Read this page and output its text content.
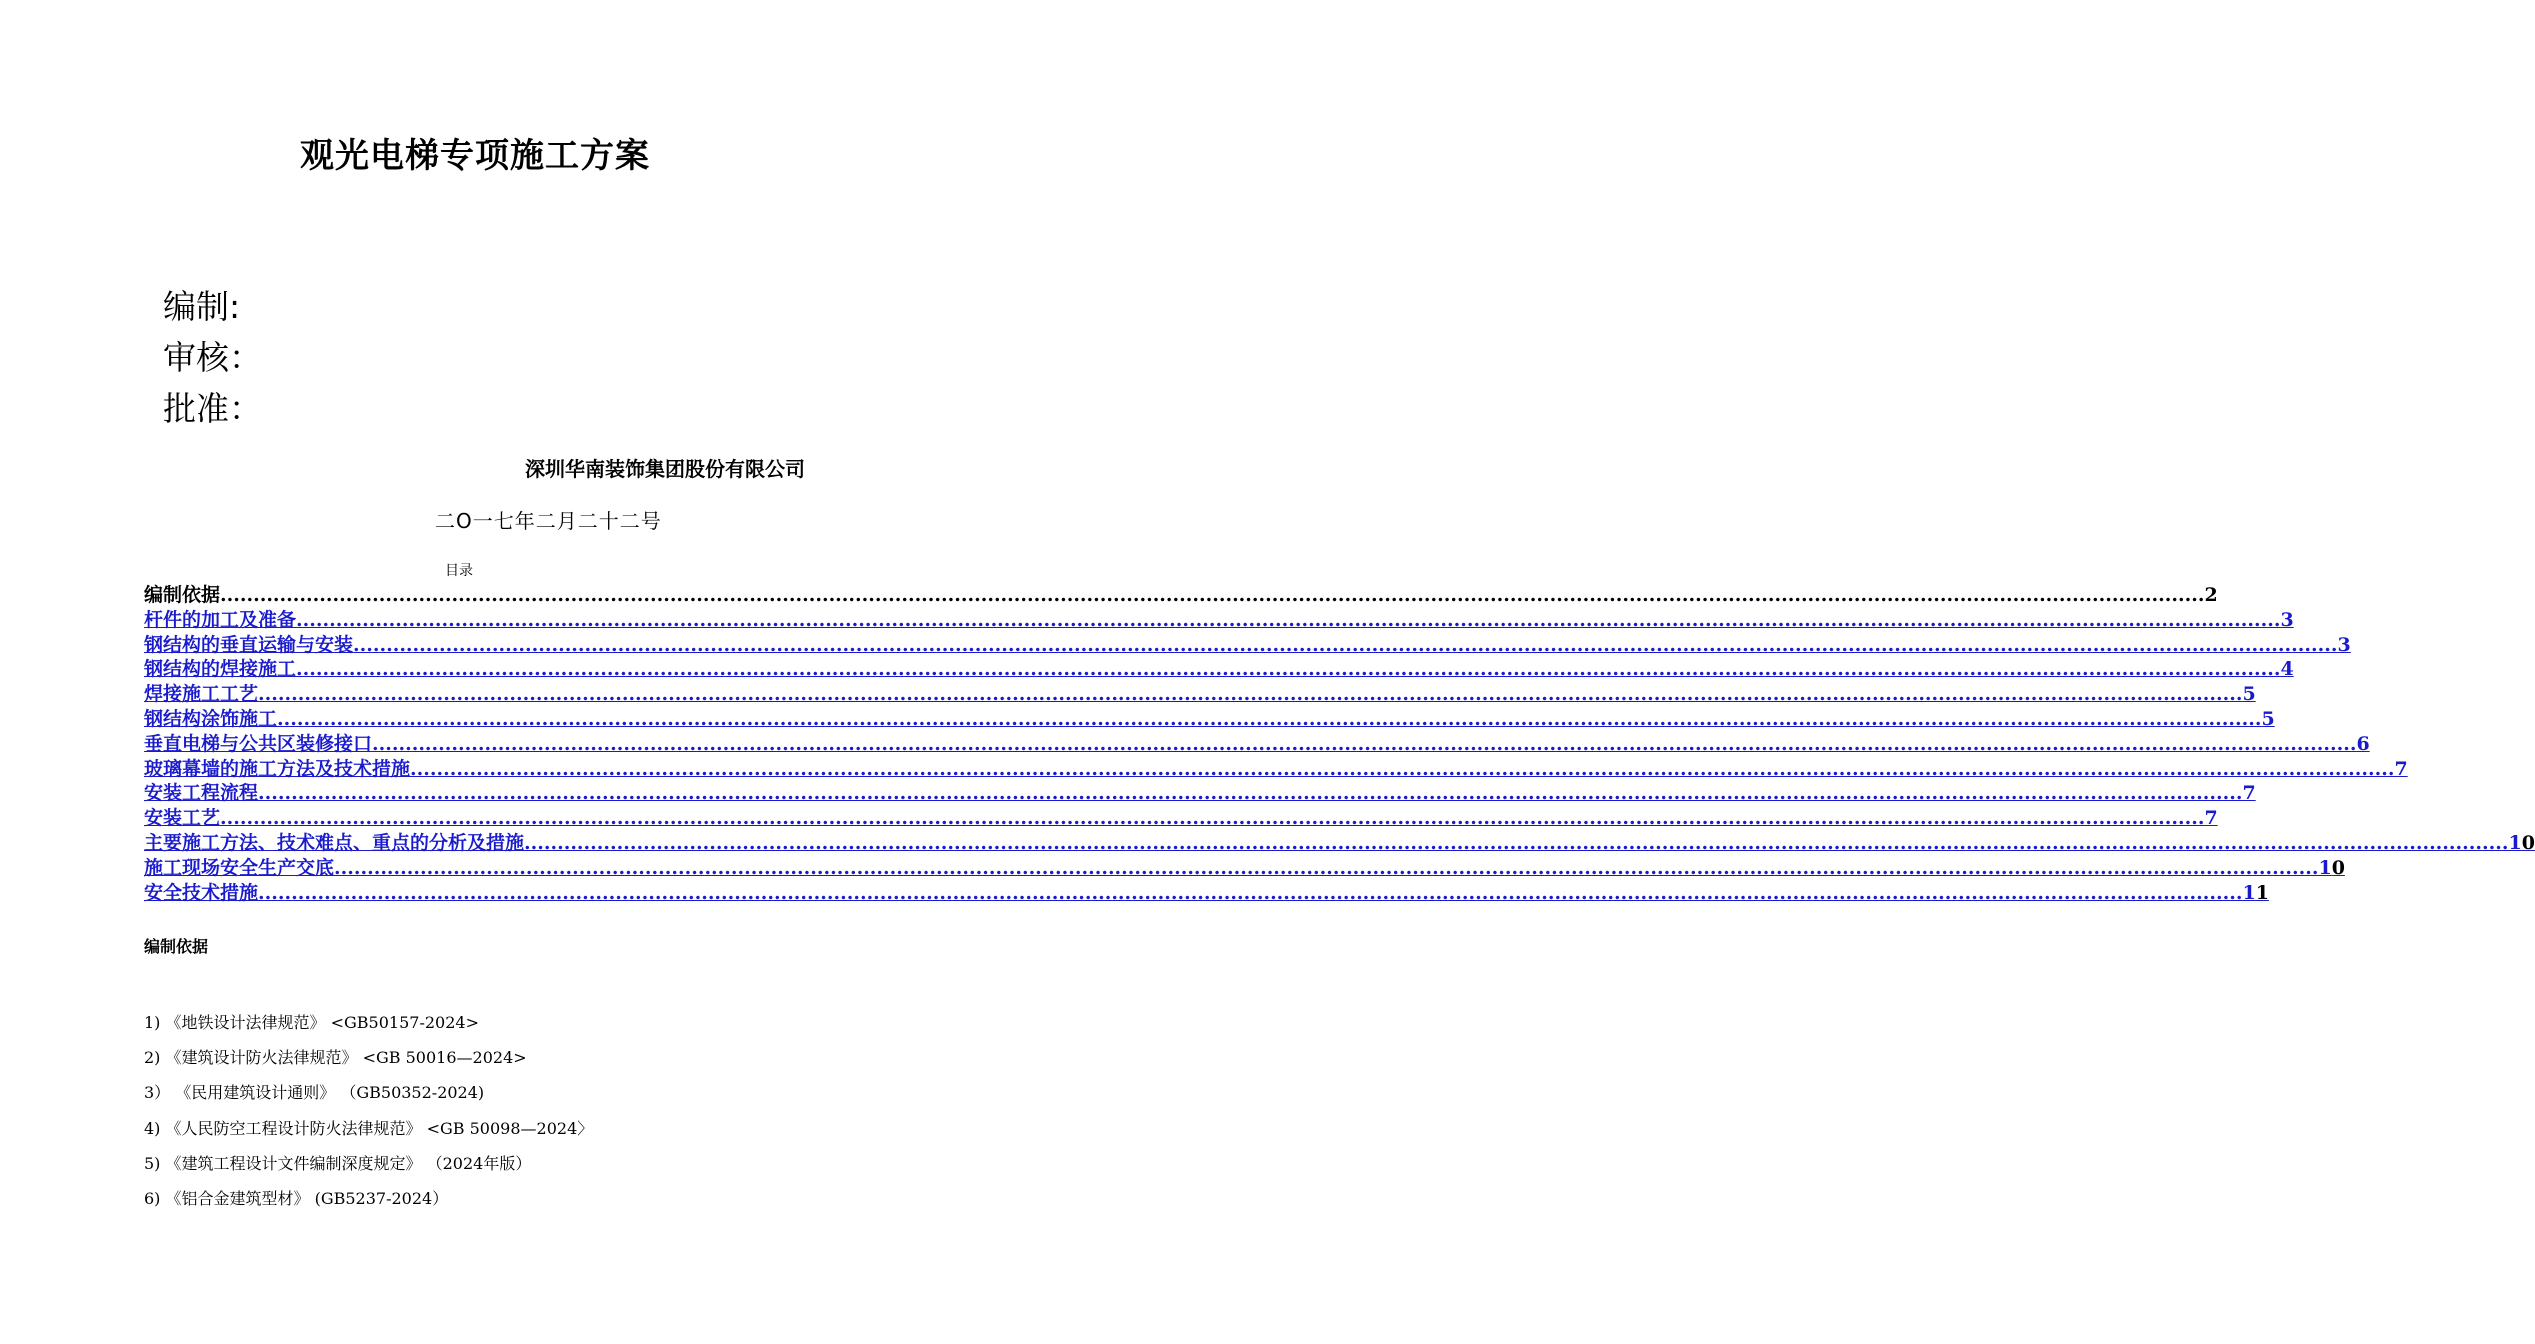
观光电梯专项施工方案
编制:
审核：
批准：
深圳华南装饰集团股份有限公司
二O一七年二月二十二号
目录
编制依据 ............................................................................................................................................................................................................................................................................................................ 2
杆件的加工及准备 ............................................................................................................................................................................................................................................................................................................ 3
钢结构的垂直运输与安装 ............................................................................................................................................................................................................................................................................................................ 3
钢结构的焊接施工 ............................................................................................................................................................................................................................................................................................................ 4
焊接施工工艺 ............................................................................................................................................................................................................................................................................................................ 5
钢结构涂饰施工 ............................................................................................................................................................................................................................................................................................................ 5
垂直电梯与公共区装修接口 ............................................................................................................................................................................................................................................................................................................ 6
玻璃幕墙的施工方法及技术措施 ............................................................................................................................................................................................................................................................................................................ 7
安装工程流程 ............................................................................................................................................................................................................................................................................................................ 7
安装工艺 ............................................................................................................................................................................................................................................................................................................ 7
主要施工方法、技术难点、重点的分析及措施 ............................................................................................................................................................................................................................................................................................................ 10
施工现场安全生产交底 ............................................................................................................................................................................................................................................................................................................ 10
安全技术措施 ............................................................................................................................................................................................................................................................................................................ 11
编制依据
1) 《地铁设计法律规范》 <GB50157-2024>
2) 《建筑设计防火法律规范》 <GB 50016—2024>
3） 《民用建筑设计通则》 （GB50352-2024)
4) 《人民防空工程设计防火法律规范》 <GB 50098—2024〉
5) 《建筑工程设计文件编制深度规定》 （2024年版）
6) 《铝合金建筑型材》 (GB5237-2024）
